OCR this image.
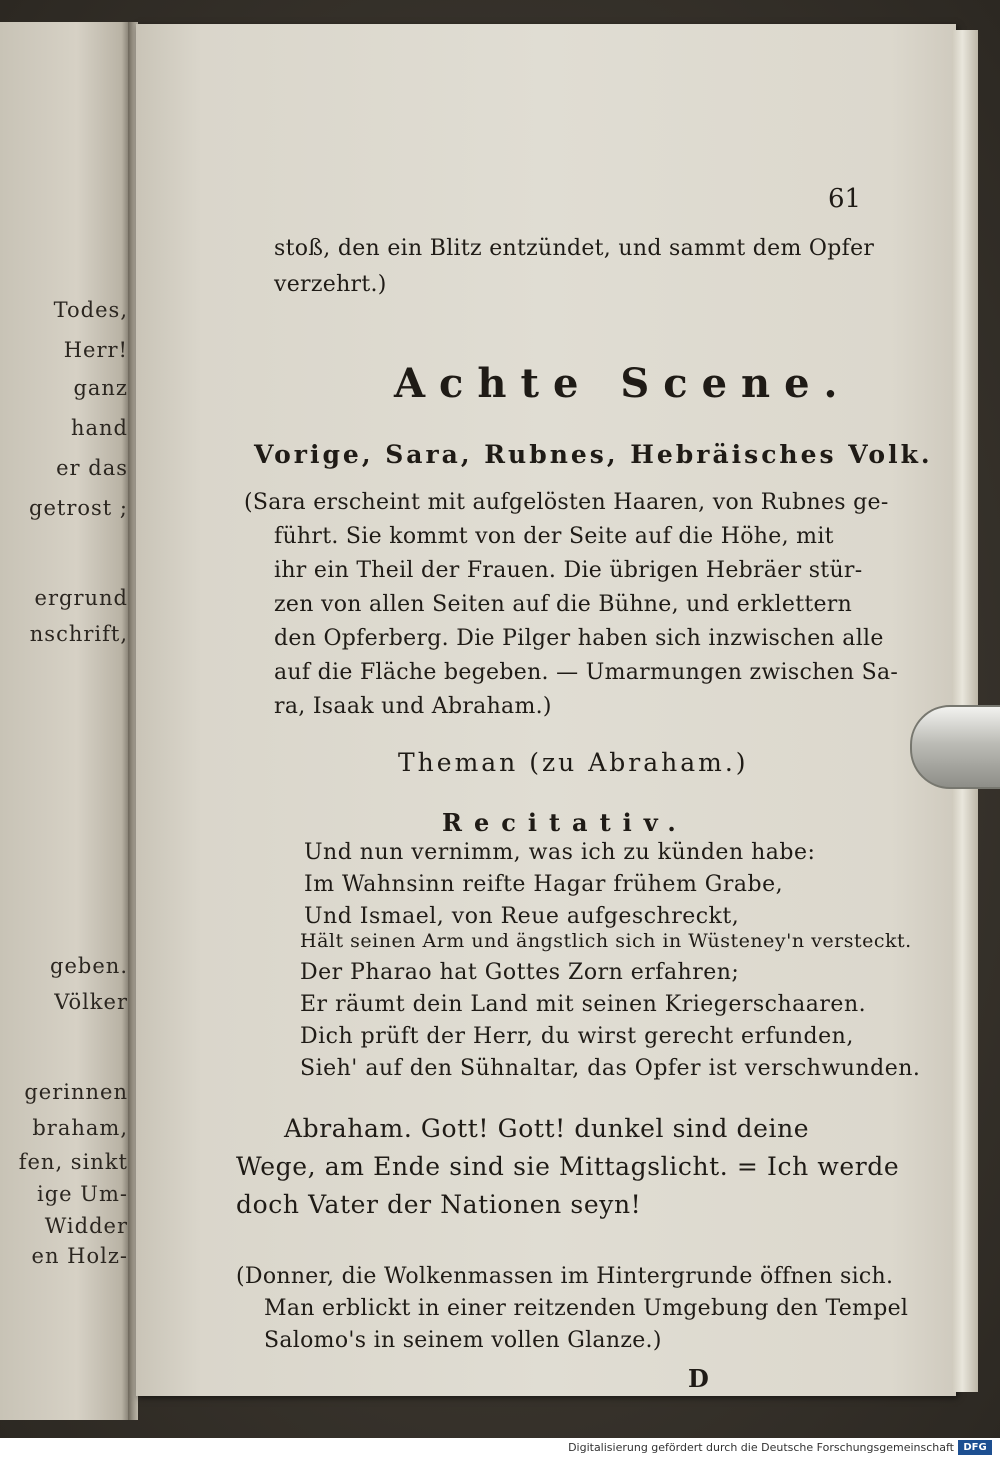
Todes,
Herr!
ganz
hand
er das
getrost ;
ergrund
nschrift,
geben.
Völker
gerinnen
braham,
fen, sinkt
ige Um-
Widder
en Holz-
61
stoß, den ein Blitz entzündet, und sammt dem Opfer
verzehrt.)
Achte Scene.
Vorige, Sara, Rubnes, Hebräisches Volk.
(Sara erscheint mit aufgelösten Haaren, von Rubnes ge-
führt. Sie kommt von der Seite auf die Höhe, mit
ihr ein Theil der Frauen. Die übrigen Hebräer stür-
zen von allen Seiten auf die Bühne, und erklettern
den Opferberg. Die Pilger haben sich inzwischen alle
auf die Fläche begeben. — Umarmungen zwischen Sa-
ra, Isaak und Abraham.)
Theman (zu Abraham.)
Recitativ.
Und nun vernimm, was ich zu künden habe:
Im Wahnsinn reifte Hagar frühem Grabe,
Und Ismael, von Reue aufgeschreckt,
Hält seinen Arm und ängstlich sich in Wüsteney'n versteckt.
Der Pharao hat Gottes Zorn erfahren;
Er räumt dein Land mit seinen Kriegerschaaren.
Dich prüft der Herr, du wirst gerecht erfunden,
Sieh' auf den Sühnaltar, das Opfer ist verschwunden.
Abraham. Gott! Gott! dunkel sind deine
Wege, am Ende sind sie Mittagslicht. = Ich werde
doch Vater der Nationen seyn!
(Donner, die Wolkenmassen im Hintergrunde öffnen sich.
Man erblickt in einer reitzenden Umgebung den Tempel
Salomo's in seinem vollen Glanze.)
D
Digitalisierung gefördert durch die Deutsche Forschungsgemeinschaft DFG
